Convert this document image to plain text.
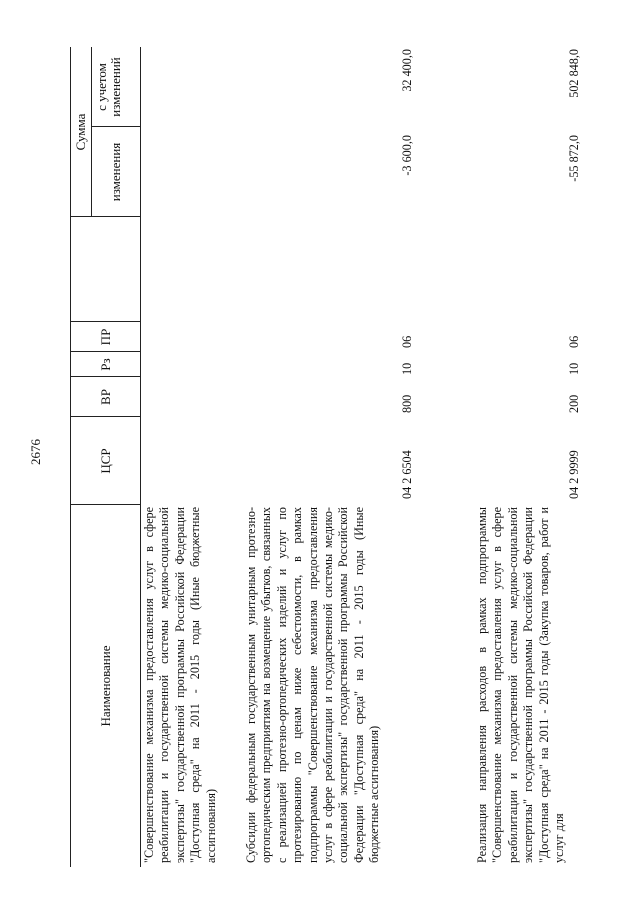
2676
Наименование
ЦСР
ВР
Рз
ПР
Сумма
изменения
с учетом изменений
"Совершенствование механизма предоставления услуг в сфере реабилитации и государственной системы медико-социальной экспертизы" государственной программы Российской Федерации "Доступная среда" на 2011 - 2015 годы (Иные бюджетные ассигнования) Субсидии федеральным государственным унитарным протезно-ортопедическим предприятиям на возмещение убытков, связанных с реализацией протезно-ортопедических изделий и услуг по протезированию по ценам ниже себестоимости, в рамках подпрограммы "Совершенствование механизма предоставления услуг в сфере реабилитации и государственной системы медико-социальной экспертизы" государственной программы Российской Федерации "Доступная среда" на 2011 - 2015 годы (Иные бюджетные ассигнования)
04 2 6504
800
10
06
-3 600,0
32 400,0
Реализация направления расходов в рамках подпрограммы "Совершенствование механизма предоставления услуг в сфере реабилитации и государственной системы медико-социальной экспертизы" государственной программы Российской Федерации "Доступная среда" на 2011 - 2015 годы (Закупка товаров, работ и услуг для
04 2 9999
200
10
06
-55 872,0
502 848,0
